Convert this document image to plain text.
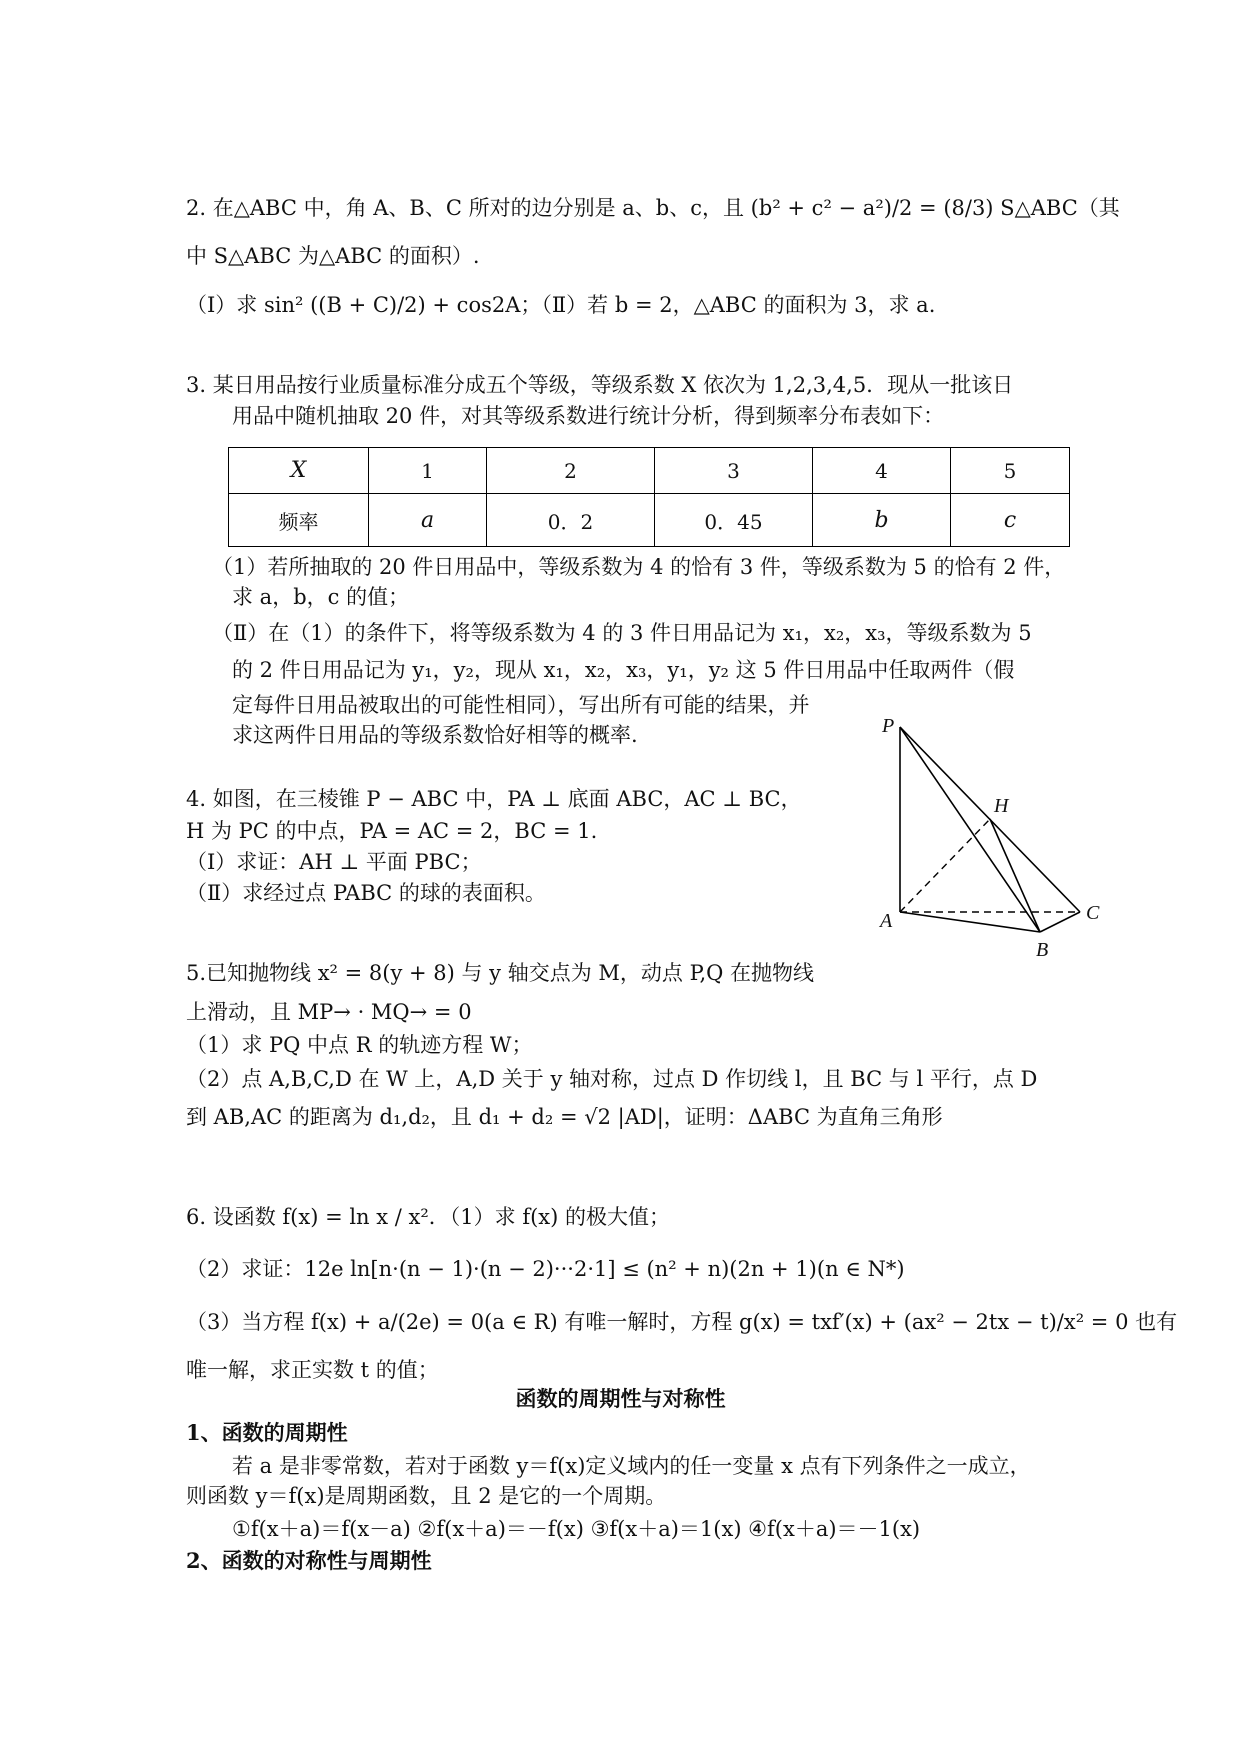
2. 在△ABC 中，角 A、B、C 所对的边分别是 a、b、c，且 (b² + c² − a²)/2 = (8/3) S△ABC（其
中 S△ABC 为△ABC 的面积）.
（Ⅰ）求 sin² ((B + C)/2) + cos2A；（Ⅱ）若 b = 2，△ABC 的面积为 3，求 a.
3. 某日用品按行业质量标准分成五个等级，等级系数 X 依次为 1,2,3,4,5．现从一批该日
用品中随机抽取 20 件，对其等级系数进行统计分析，得到频率分布表如下：
X	1	2	3	4	5
频率	a	0．2	0．45	b	c
（1）若所抽取的 20 件日用品中，等级系数为 4 的恰有 3 件，等级系数为 5 的恰有 2 件，
求 a，b，c 的值；
（Ⅱ）在（1）的条件下，将等级系数为 4 的 3 件日用品记为 x₁，x₂，x₃，等级系数为 5
的 2 件日用品记为 y₁，y₂，现从 x₁，x₂，x₃，y₁，y₂ 这 5 件日用品中任取两件（假
定每件日用品被取出的可能性相同），写出所有可能的结果，并
求这两件日用品的等级系数恰好相等的概率.
4. 如图，在三棱锥 P − ABC 中，PA ⊥ 底面 ABC，AC ⊥ BC，
H 为 PC 的中点，PA = AC = 2，BC = 1.
（Ⅰ）求证：AH ⊥ 平面 PBC；
（Ⅱ）求经过点 PABC 的球的表面积。
P
H
A	C
B
5.已知抛物线 x² = 8(y + 8) 与 y 轴交点为 M，动点 P,Q 在抛物线
上滑动，且 MP→ · MQ→ = 0
（1）求 PQ 中点 R 的轨迹方程 W；
（2）点 A,B,C,D 在 W 上，A,D 关于 y 轴对称，过点 D 作切线 l，且 BC 与 l 平行，点 D
到 AB,AC 的距离为 d₁,d₂，且 d₁ + d₂ = √2 |AD|，证明：ΔABC 为直角三角形
6. 设函数 f(x) = ln x / x²．（1）求 f(x) 的极大值；
（2）求证：12e ln[n·(n − 1)·(n − 2)···2·1] ≤ (n² + n)(2n + 1)(n ∈ N*)
（3）当方程 f(x) + a/(2e) = 0(a ∈ R) 有唯一解时，方程 g(x) = txf′(x) + (ax² − 2tx − t)/x² = 0 也有
唯一解，求正实数 t 的值；
函数的周期性与对称性
1、函数的周期性
若 a 是非零常数，若对于函数 y＝f(x)定义域内的任一变量 x 点有下列条件之一成立，
则函数 y＝f(x)是周期函数，且 2 是它的一个周期。
①f(x＋a)＝f(x－a) ②f(x＋a)＝－f(x) ③f(x＋a)＝1(x) ④f(x＋a)＝－1(x)
2、函数的对称性与周期性
